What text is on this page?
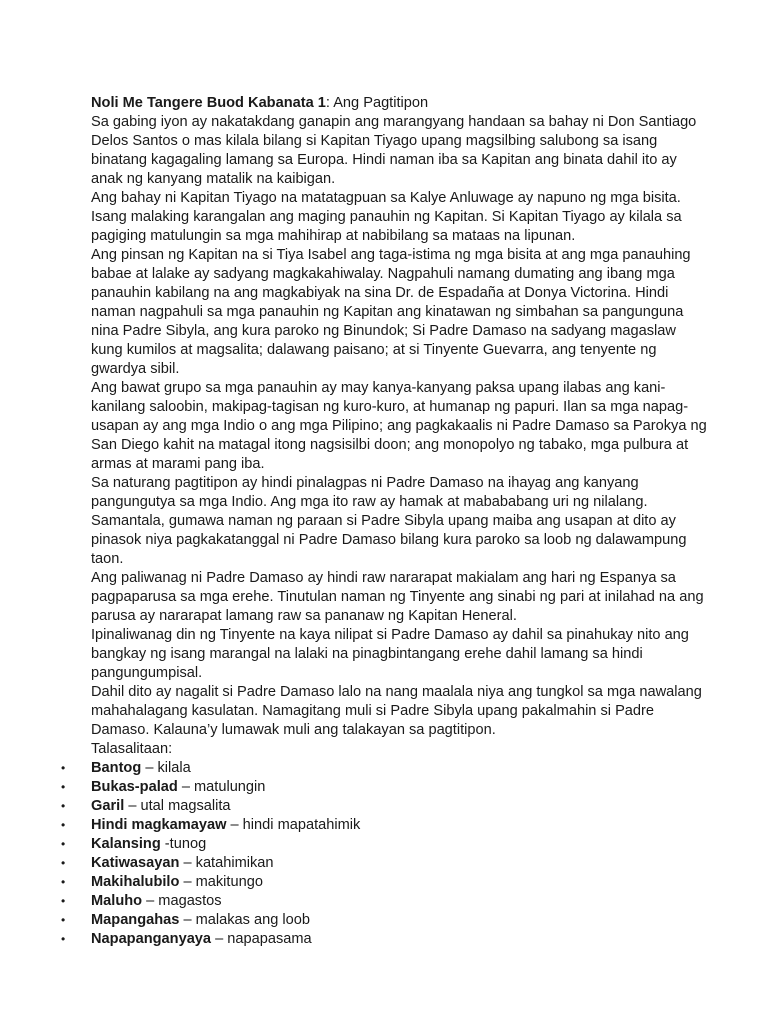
Noli Me Tangere Buod Kabanata 1: Ang Pagtitipon

Sa gabing iyon ay nakatakdang ganapin ang marangyang handaan sa bahay ni Don Santiago Delos Santos o mas kilala bilang si Kapitan Tiyago upang magsilbing salubong sa isang binatang kagagaling lamang sa Europa. Hindi naman iba sa Kapitan ang binata dahil ito ay anak ng kanyang matalik na kaibigan.

Ang bahay ni Kapitan Tiyago na matatagpuan sa Kalye Anluwage ay napuno ng mga bisita. Isang malaking karangalan ang maging panauhin ng Kapitan. Si Kapitan Tiyago ay kilala sa pagiging matulungin sa mga mahihirap at nabibilang sa mataas na lipunan.

Ang pinsan ng Kapitan na si Tiya Isabel ang taga-istima ng mga bisita at ang mga panauhing babae at lalake ay sadyang magkakahiwalay. Nagpahuli namang dumating ang ibang mga panauhin kabilang na ang magkabiyak na sina Dr. de Espadaña at Donya Victorina. Hindi naman nagpahuli sa mga panauhin ng Kapitan ang kinatawan ng simbahan sa pangunguna nina Padre Sibyla, ang kura paroko ng Binundok; Si Padre Damaso na sadyang magaslaw kung kumilos at magsalita; dalawang paisano; at si Tinyente Guevarra, ang tenyente ng gwardya sibil.

Ang bawat grupo sa mga panauhin ay may kanya-kanyang paksa upang ilabas ang kani-kanilang saloobin, makipag-tagisan ng kuro-kuro, at humanap ng papuri. Ilan sa mga napag-usapan ay ang mga Indio o ang mga Pilipino; ang pagkakaalis ni Padre Damaso sa Parokya ng San Diego kahit na matagal itong nagsisilbi doon; ang monopolyo ng tabako, mga pulbura at armas at marami pang iba.

Sa naturang pagtitipon ay hindi pinalagpas ni Padre Damaso na ihayag ang kanyang pangungutya sa mga Indio. Ang mga ito raw ay hamak at mabababang uri ng nilalang. Samantala, gumawa naman ng paraan si Padre Sibyla upang maiba ang usapan at dito ay pinasok niya pagkakatanggal ni Padre Damaso bilang kura paroko sa loob ng dalawampung taon.

Ang paliwanag ni Padre Damaso ay hindi raw nararapat makialam ang hari ng Espanya sa pagpaparusa sa mga erehe. Tinutulan naman ng Tinyente ang sinabi ng pari at inilahad na ang parusa ay nararapat lamang raw sa pananaw ng Kapitan Heneral.

Ipinaliwanag din ng Tinyente na kaya nilipat si Padre Damaso ay dahil sa pinahukay nito ang bangkay ng isang marangal na lalaki na pinagbintangang erehe dahil lamang sa hindi pangungumpisal.

Dahil dito ay nagalit si Padre Damaso lalo na nang maalala niya ang tungkol sa mga nawalang mahahalagang kasulatan. Namagitang muli si Padre Sibyla upang pakalmahin si Padre Damaso. Kalauna’y lumawak muli ang talakayan sa pagtitipon.

Talasalitaan:

• Bantog – kilala
• Bukas-palad – matulungin
• Garil – utal magsalita
• Hindi magkamayaw – hindi mapatahimik
• Kalansing -tunog
• Katiwasayan – katahimikan
• Makihalubilo – makitungo
• Maluho – magastos
• Mapangahas – malakas ang loob
• Napapanganyaya – napapasama
